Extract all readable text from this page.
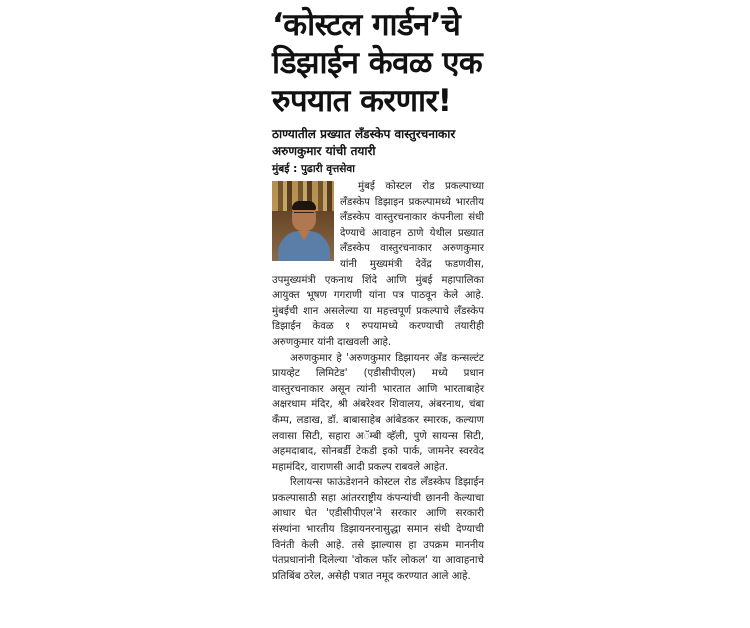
‘कोस्टल गार्डन’चे डिझाईन केवळ एक रुपयात करणार!
ठाण्यातील प्रख्यात लँडस्केप वास्तुरचनाकार अरुणकुमार यांची तयारी
मुंबई : पुढारी वृत्तसेवा

मुंबई कोस्टल रोड प्रकल्पाच्या लँडस्केप डिझाइन प्रकल्पामध्ये भारतीय लँडस्केप वास्तुरचनाकार कंपनीला संधी देण्याचे आवाहन ठाणे येथील प्रख्यात लँडस्केप वास्तुरचनाकार अरुणकुमार यांनी मुख्यमंत्री देवेंद्र फडणवीस, उपमुख्यमंत्री एकनाथ शिंदे आणि मुंबई महापालिका आयुक्त भूषण गगराणी यांना पत्र पाठवून केले आहे. मुंबईची शान असलेल्या या महत्त्वपूर्ण प्रकल्पाचे लँडस्केप डिझाईन केवळ १ रुपयामध्ये करण्याची तयारीही अरुणकुमार यांनी दाखवली आहे.

अरुणकुमार हे 'अरुणकुमार डिझायनर अँड कन्सल्टंट प्रायव्हेट लिमिटेड' (एडीसीपीएल) मध्ये प्रधान वास्तुरचनाकार असून त्यांनी भारतात आणि भारताबाहेर अक्षरधाम मंदिर, श्री अंबरेश्वर शिवालय, अंबरनाथ, चंबा कँम्प, लडाख, डॉ. बाबासाहेब आंबेडकर स्मारक, कल्याण लवासा सिटी, सहारा अॅम्बी व्हॅली, पुणे सायन्स सिटी, अहमदाबाद, सोनबर्डी टेकडी इको पार्क, जामनेर स्वरवेद महामंदिर, वाराणसी आदी प्रकल्प राबवले आहेत.

रिलायन्स फाऊंडेशनने कोस्टल रोड लँडस्केप डिझाईन प्रकल्पासाठी सहा आंतरराष्ट्रीय कंपन्यांची छाननी केल्याचा आधार घेत 'एडीसीपीएल'ने सरकार आणि सरकारी संस्थांना भारतीय डिझायनरनासुद्धा समान संधी देण्याची विनंती केली आहे. तसे झाल्यास हा उपक्रम माननीय पंतप्रधानांनी दिलेल्या 'वोकल फॉर लोकल' या आवाहनाचे प्रतिबिंब ठरेल, असेही पत्रात नमूद करण्यात आले आहे.
